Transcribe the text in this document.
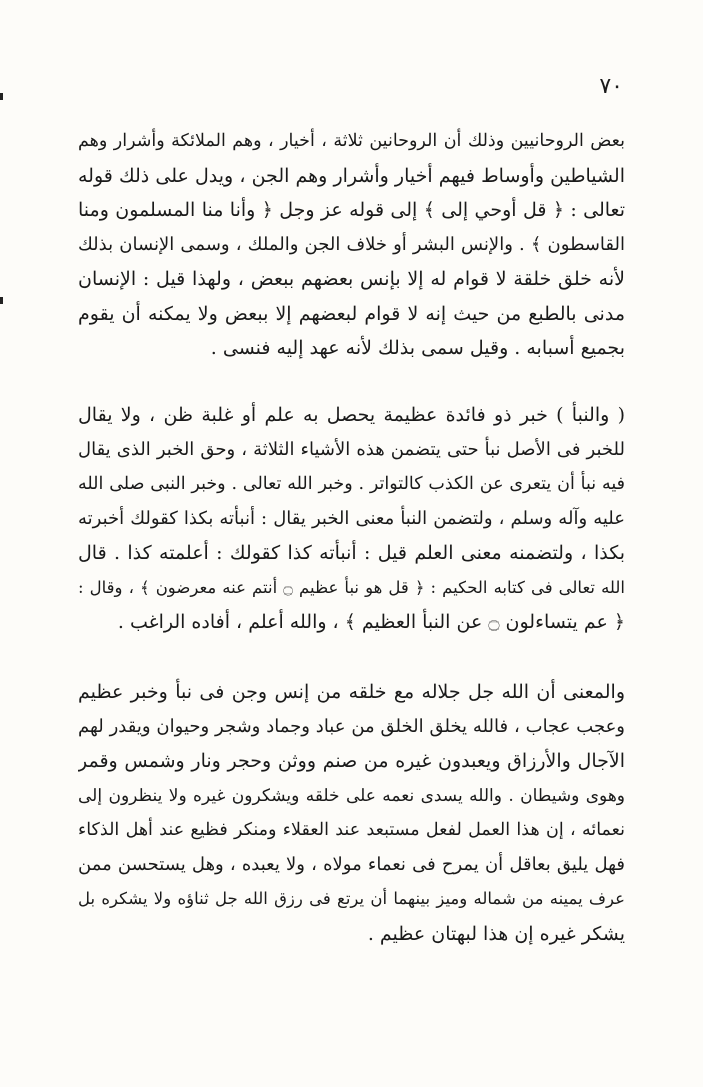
٧٠
بعض الروحانيين وذلك أن الروحانين ثلاثة ، أخيار ، وهم الملائكة وأشرار وهم
الشياطين وأوساط فيهم أخيار وأشرار وهم الجن ، ويدل على ذلك قوله
تعالى : ﴿ قل أوحي إلى ﴾ إلى قوله عز وجل ﴿ وأنا منا المسلمون ومنا
القاسطون ﴾ . والإنس البشر أو خلاف الجن والملك ، وسمى الإنسان بذلك
لأنه خلق خلقة لا قوام له إلا بإنس بعضهم ببعض ، ولهذا قيل : الإنسان
مدنى بالطبع من حيث إنه لا قوام لبعضهم إلا ببعض ولا يمكنه أن يقوم
بجميع أسبابه . وقيل سمى بذلك لأنه عهد إليه فنسى .
( والنبأ ) خبر ذو فائدة عظيمة يحصل به علم أو غلبة ظن ، ولا يقال
للخبر فى الأصل نبأ حتى يتضمن هذه الأشياء الثلاثة ، وحق الخبر الذى يقال
فيه نبأ أن يتعرى عن الكذب كالتواتر . وخبر الله تعالى . وخبر النبى صلى الله
عليه وآله وسلم ، ولتضمن النبأ معنى الخبر يقال : أنبأته بكذا كقولك أخبرته
بكذا ، ولتضمنه معنى العلم قيل : أنبأته كذا كقولك : أعلمته كذا . قال
الله تعالى فى كتابه الحكيم : ﴿ قل هو نبأ عظيم ۝ أنتم عنه معرضون ﴾ ، وقال :
﴿ عم يتساءلون ۝ عن النبأ العظيم ﴾ ، والله أعلم ، أفاده الراغب .
والمعنى أن الله جل جلاله مع خلقه من إنس وجن فى نبأ وخبر عظيم
وعجب عجاب ، فالله يخلق الخلق من عباد وجماد وشجر وحيوان ويقدر لهم
الآجال والأرزاق ويعبدون غيره من صنم ووثن وحجر ونار وشمس وقمر
وهوى وشيطان . والله يسدى نعمه على خلقه ويشكرون غيره ولا ينظرون إلى
نعمائه ، إن هذا العمل لفعل مستبعد عند العقلاء ومنكر فظيع عند أهل الذكاء
فهل يليق بعاقل أن يمرح فى نعماء مولاه ، ولا يعبده ، وهل يستحسن ممن
عرف يمينه من شماله وميز بينهما أن يرتع فى رزق الله جل ثناؤه ولا يشكره بل
يشكر غيره إن هذا لبهتان عظيم .
